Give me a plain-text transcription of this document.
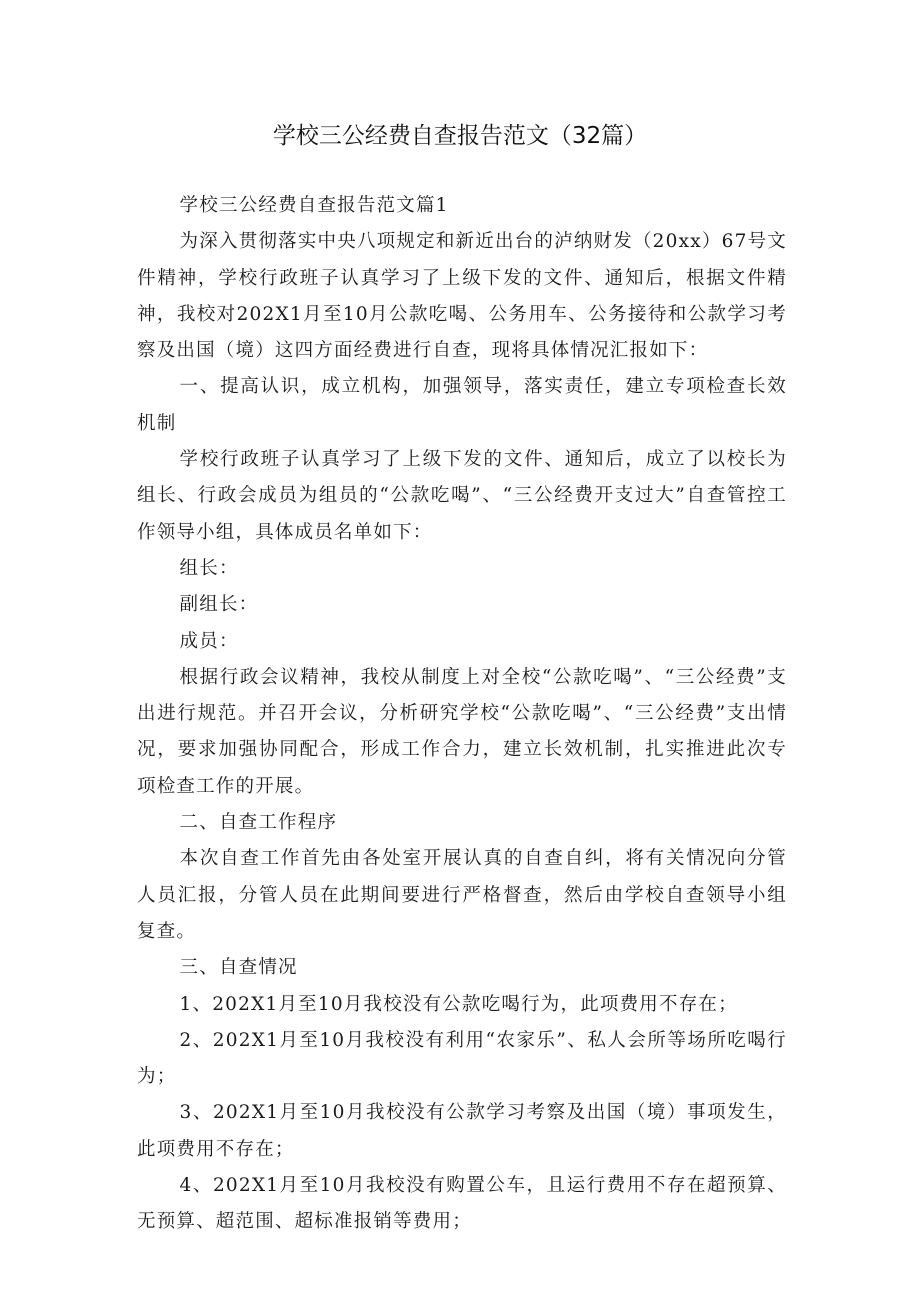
学校三公经费自查报告范文（32篇）

学校三公经费自查报告范文篇1

为深入贯彻落实中央八项规定和新近出台的泸纳财发（20xx）67号文件精神，学校行政班子认真学习了上级下发的文件、通知后，根据文件精神，我校对202X1月至10月公款吃喝、公务用车、公务接待和公款学习考察及出国（境）这四方面经费进行自查，现将具体情况汇报如下：

一、提高认识，成立机构，加强领导，落实责任，建立专项检查长效机制

学校行政班子认真学习了上级下发的文件、通知后，成立了以校长为组长、行政会成员为组员的“公款吃喝”、“三公经费开支过大”自查管控工作领导小组，具体成员名单如下：

组长：

副组长：

成员：

根据行政会议精神，我校从制度上对全校“公款吃喝”、“三公经费”支出进行规范。并召开会议，分析研究学校“公款吃喝”、“三公经费”支出情况，要求加强协同配合，形成工作合力，建立长效机制，扎实推进此次专项检查工作的开展。

二、自查工作程序

本次自查工作首先由各处室开展认真的自查自纠，将有关情况向分管人员汇报，分管人员在此期间要进行严格督查，然后由学校自查领导小组复查。

三、自查情况

1、202X1月至10月我校没有公款吃喝行为，此项费用不存在；

2、202X1月至10月我校没有利用“农家乐”、私人会所等场所吃喝行为；

3、202X1月至10月我校没有公款学习考察及出国（境）事项发生，此项费用不存在；

4、202X1月至10月我校没有购置公车，且运行费用不存在超预算、无预算、超范围、超标准报销等费用；
